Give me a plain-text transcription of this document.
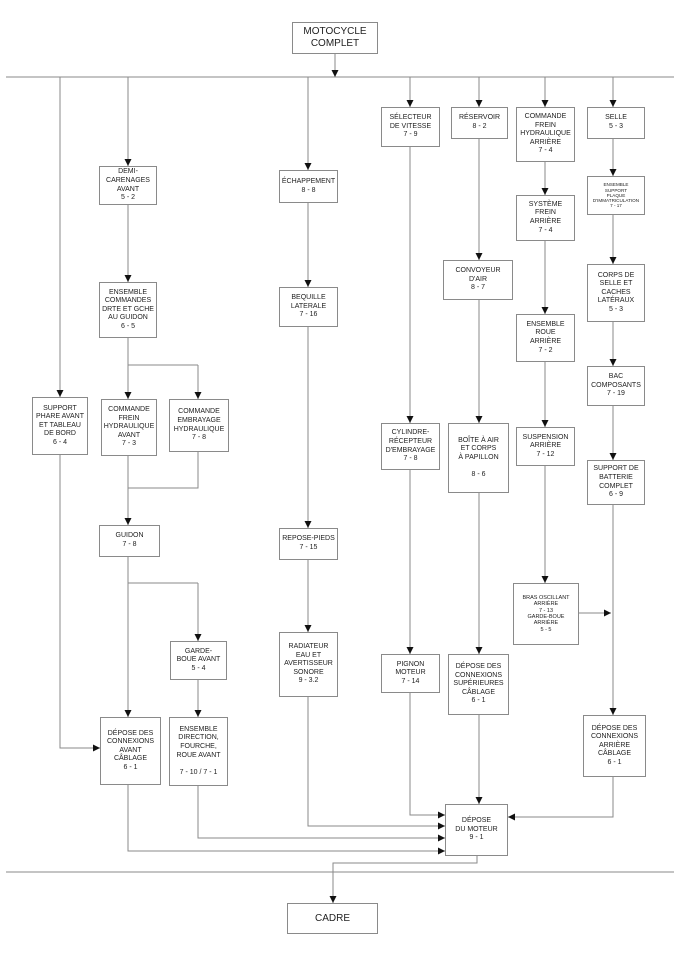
MOTOCYCLE
COMPLET
CADRE
SUPPORT
PHARE AVANT
ET TABLEAU
DE BORD
6 - 4
DEMI-CARENAGES
AVANT
5 - 2
ENSEMBLE
COMMANDES
DRTE ET GCHE
AU GUIDON
6 - 5
COMMANDE
FREIN
HYDRAULIQUE
AVANT
7 - 3
COMMANDE
EMBRAYAGE
HYDRAULIQUE
7 - 8
GUIDON
7 - 8
GARDE-
BOUE AVANT
5 - 4
DÉPOSE DES
CONNEXIONS
AVANT
CÂBLAGE
6 - 1
ENSEMBLE
DIRECTION,
FOURCHE,
ROUE AVANT

7 - 10 / 7 - 1
ÉCHAPPEMENT
8 - 8
BEQUILLE
LATERALE
7 - 16
REPOSE-PIEDS
7 - 15
RADIATEUR
EAU ET
AVERTISSEUR
SONORE
9 - 3.2
SÉLECTEUR
DE VITESSE
7 - 9
CYLINDRE-
RÉCEPTEUR
D'EMBRAYAGE
7 - 8
PIGNON
MOTEUR
7 - 14
RÉSERVOIR
8 - 2
CONVOYEUR
D'AIR
8 - 7
BOÎTE À AIR
ET CORPS
À PAPILLON

8 - 6
DÉPOSE DES
CONNEXIONS
SUPÉRIEURES
CÂBLAGE
6 - 1
COMMANDE
FREIN
HYDRAULIQUE
ARRIÈRE
7 - 4
SYSTÈME
FREIN
ARRIÈRE
7 - 4
ENSEMBLE
ROUE
ARRIÈRE
7 - 2
SUSPENSION
ARRIÈRE
7 - 12
BRAS OSCILLANT
ARRIÈRE
7 - 13
GARDE-BOUE
ARRIÈRE
5 - 5
SELLE
5 - 3
ENSEMBLE
SUPPORT
PLAQUE
D'IMMATRICULATION
7 - 17
CORPS DE
SELLE ET
CACHES
LATÉRAUX
5 - 3
BAC
COMPOSANTS
7 - 19
SUPPORT DE
BATTERIE
COMPLET
6 - 9
DÉPOSE DES
CONNEXIONS
ARRIÈRE
CÂBLAGE
6 - 1
DÉPOSE
DU MOTEUR
9 - 1
